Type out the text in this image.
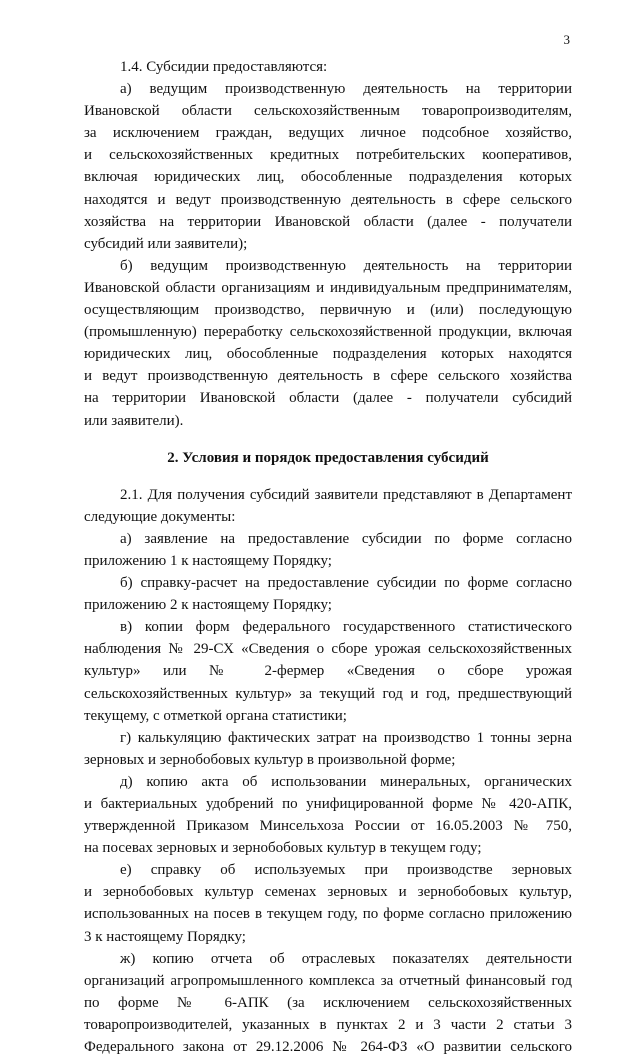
3
1.4. Субсидии предоставляются:
а) ведущим производственную деятельность на территории
Ивановской области сельскохозяйственным товаропроизводителям,
за исключением граждан, ведущих личное подсобное хозяйство,
и сельскохозяйственных кредитных потребительских кооперативов,
включая юридических лиц, обособленные подразделения которых
находятся и ведут производственную деятельность в сфере сельского
хозяйства на территории Ивановской области (далее - получатели
субсидий или заявители);
б) ведущим производственную деятельность на территории
Ивановской области организациям и индивидуальным предпринимателям,
осуществляющим производство, первичную и (или) последующую
(промышленную) переработку сельскохозяйственной продукции, включая
юридических лиц, обособленные подразделения которых находятся
и ведут производственную деятельность в сфере сельского хозяйства
на территории Ивановской области (далее - получатели субсидий
или заявители).
2. Условия и порядок предоставления субсидий
2.1. Для получения субсидий заявители представляют в Департамент
следующие документы:
а) заявление на предоставление субсидии по форме согласно
приложению 1 к настоящему Порядку;
б) справку-расчет на предоставление субсидии по форме согласно
приложению 2 к настоящему Порядку;
в) копии форм федерального государственного статистического
наблюдения № 29-СХ «Сведения о сборе урожая сельскохозяйственных
культур» или № 2-фермер «Сведения о сборе урожая
сельскохозяйственных культур» за текущий год и год, предшествующий
текущему, с отметкой органа статистики;
г) калькуляцию фактических затрат на производство 1 тонны зерна
зерновых и зернобобовых культур в произвольной форме;
д) копию акта об использовании минеральных, органических
и бактериальных удобрений по унифицированной форме № 420-АПК,
утвержденной Приказом Минсельхоза России от 16.05.2003 № 750,
на посевах зерновых и зернобобовых культур в текущем году;
е) справку об используемых при производстве зерновых
и зернобобовых культур семенах зерновых и зернобобовых культур,
использованных на посев в текущем году, по форме согласно приложению
3 к настоящему Порядку;
ж) копию отчета об отраслевых показателях деятельности
организаций агропромышленного комплекса за отчетный финансовый год
по форме № 6-АПК (за исключением сельскохозяйственных
товаропроизводителей, указанных в пунктах 2 и 3 части 2 статьи 3
Федерального закона от 29.12.2006 № 264-ФЗ «О развитии сельского
